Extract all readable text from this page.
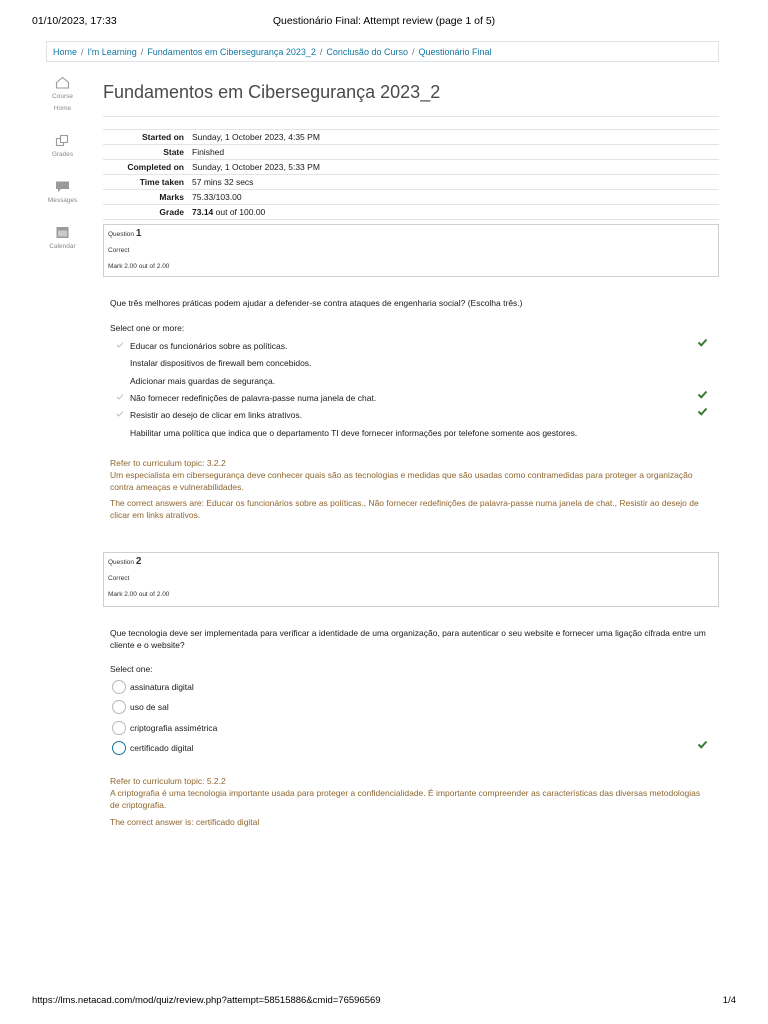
01/10/2023, 17:33	Questionário Final: Attempt review (page 1 of 5)
Home / I'm Learning / Fundamentos em Cibersegurança 2023_2 / Conclusão do Curso / Questionário Final
Course
Home
Grades
Messages
Calendar
Fundamentos em Cibersegurança 2023_2
Started on	Sunday, 1 October 2023, 4:35 PM
State	Finished
Completed on	Sunday, 1 October 2023, 5:33 PM
Time taken	57 mins 32 secs
Marks	75.33/103.00
Grade	73.14 out of 100.00
Question 1
Correct
Mark 2.00 out of 2.00
Que três melhores práticas podem ajudar a defender-se contra ataques de engenharia social? (Escolha três.)
Select one or more:
Educar os funcionários sobre as políticas.
Instalar dispositivos de firewall bem concebidos.
Adicionar mais guardas de segurança.
Não fornecer redefinições de palavra-passe numa janela de chat.
Resistir ao desejo de clicar em links atrativos.
Habilitar uma política que indica que o departamento TI deve fornecer informações por telefone somente aos gestores.
Refer to curriculum topic: 3.2.2
Um especialista em cibersegurança deve conhecer quais são as tecnologias e medidas que são usadas como contramedidas para proteger a organização contra ameaças e vulnerabilidades.
The correct answers are: Educar os funcionários sobre as políticas., Não fornecer redefinições de palavra-passe numa janela de chat., Resistir ao desejo de clicar em links atrativos.
Question 2
Correct
Mark 2.00 out of 2.00
Que tecnologia deve ser implementada para verificar a identidade de uma organização, para autenticar o seu website e fornecer uma ligação cifrada entre um cliente e o website?
Select one:
assinatura digital
uso de sal
criptografia assimétrica
certificado digital
Refer to curriculum topic: 5.2.2
A criptografia é uma tecnologia importante usada para proteger a confidencialidade. É importante compreender as características das diversas metodologias de criptografia.
The correct answer is: certificado digital
https://lms.netacad.com/mod/quiz/review.php?attempt=58515886&cmid=76596569	1/4
